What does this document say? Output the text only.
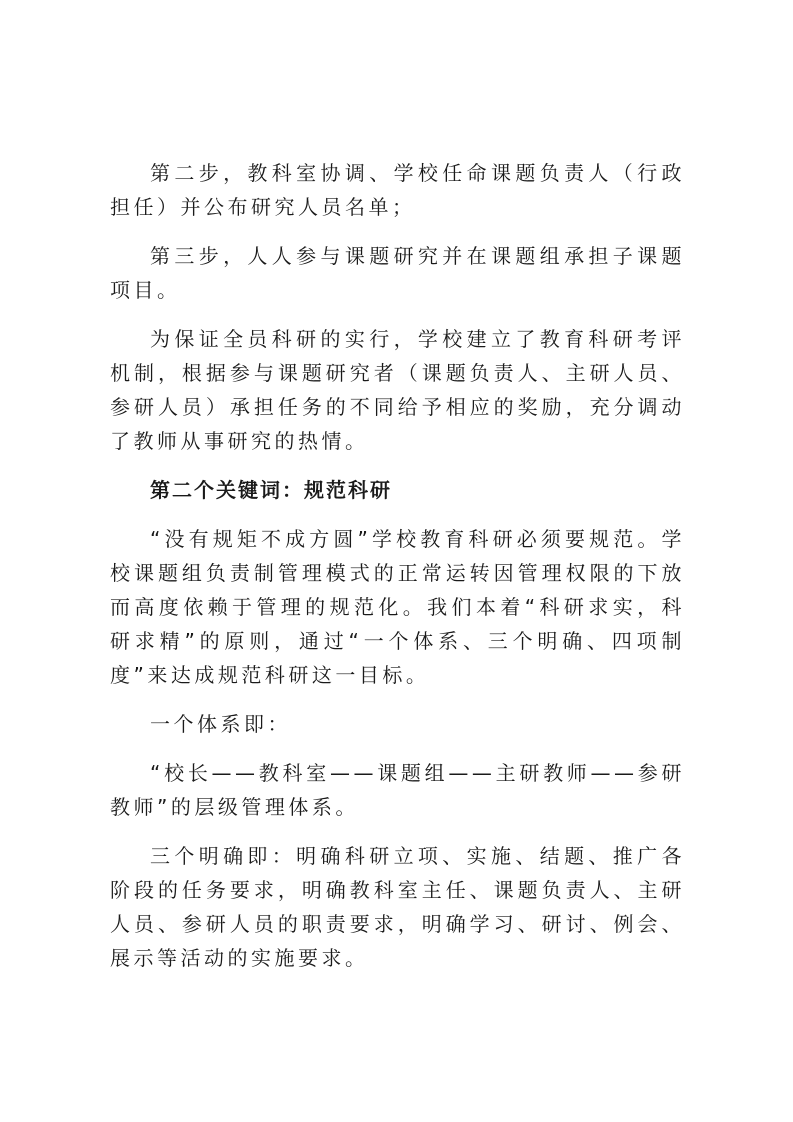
第二步，教科室协调、学校任命课题负责人（行政担任）并公布研究人员名单；

第三步，人人参与课题研究并在课题组承担子课题项目。

为保证全员科研的实行，学校建立了教育科研考评机制，根据参与课题研究者（课题负责人、主研人员、参研人员）承担任务的不同给予相应的奖励，充分调动了教师从事研究的热情。

第二个关键词：规范科研

“没有规矩不成方圆”学校教育科研必须要规范。学校课题组负责制管理模式的正常运转因管理权限的下放而高度依赖于管理的规范化。我们本着“科研求实，科研求精”的原则，通过“一个体系、三个明确、四项制度”来达成规范科研这一目标。

一个体系即：

“校长——教科室——课题组——主研教师——参研教师”的层级管理体系。

三个明确即：明确科研立项、实施、结题、推广各阶段的任务要求，明确教科室主任、课题负责人、主研人员、参研人员的职责要求，明确学习、研讨、例会、展示等活动的实施要求。
